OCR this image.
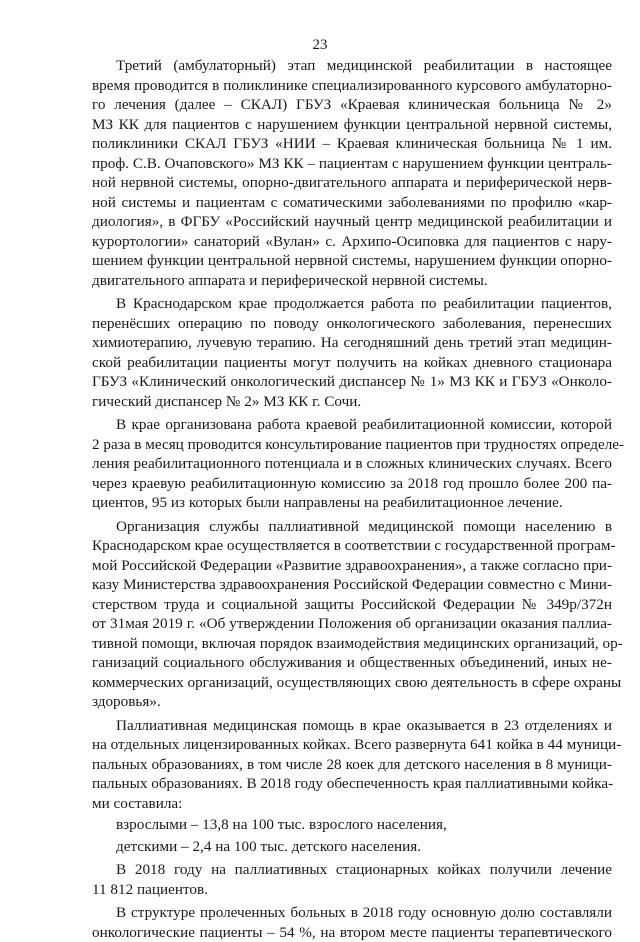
23
Третий (амбулаторный) этап медицинской реабилитации в настоящее
время проводится в поликлинике специализированного курсового амбулаторно-
го лечения (далее – СКАЛ) ГБУЗ «Краевая клиническая больница № 2»
МЗ КК для пациентов с нарушением функции центральной нервной системы,
поликлиники СКАЛ ГБУЗ «НИИ – Краевая клиническая больница № 1 им.
проф. С.В. Очаповского» МЗ КК – пациентам с нарушением функции централь-
ной нервной системы, опорно-двигательного аппарата и периферической нерв-
ной системы и пациентам с соматическими заболеваниями по профилю «кар-
диология», в ФГБУ «Российский научный центр медицинской реабилитации и
курортологии» санаторий «Вулан» с. Архипо-Осиповка для пациентов с нару-
шением функции центральной нервной системы, нарушением функции опорно-
двигательного аппарата и периферической нервной системы.
В Краснодарском крае продолжается работа по реабилитации пациентов,
перенёсших операцию по поводу онкологического заболевания, перенесших
химиотерапию, лучевую терапию. На сегодняшний день третий этап медицин-
ской реабилитации пациенты могут получить на койках дневного стационара
ГБУЗ «Клинический онкологический диспансер № 1» МЗ КК и ГБУЗ «Онколо-
гический диспансер № 2» МЗ КК г. Сочи.
В крае организована работа краевой реабилитационной комиссии, которой
2 раза в месяц проводится консультирование пациентов при трудностях определе-
ления реабилитационного потенциала и в сложных клинических случаях. Всего
через краевую реабилитационную комиссию за 2018 год прошло более 200 па-
циентов, 95 из которых были направлены на реабилитационное лечение.
Организация службы паллиативной медицинской помощи населению в
Краснодарском крае осуществляется в соответствии с государственной програм-
мой Российской Федерации «Развитие здравоохранения», а также согласно при-
казу Министерства здравоохранения Российской Федерации совместно с Мини-
стерством труда и социальной защиты Российской Федерации № 349р/372н
от 31мая 2019 г. «Об утверждении Положения об организации оказания паллиа-
тивной помощи, включая порядок взаимодействия медицинских организаций, ор-
ганизаций социального обслуживания и общественных объединений, иных не-
коммерческих организаций, осуществляющих свою деятельность в сфере охраны
здоровья».
Паллиативная медицинская помощь в крае оказывается в 23 отделениях и
на отдельных лицензированных койках. Всего развернута 641 койка в 44 муници-
пальных образованиях, в том числе 28 коек для детского населения в 8 муници-
пальных образованиях. В 2018 году обеспеченность края паллиативными койка-
ми составила:
взрослыми – 13,8 на 100 тыс. взрослого населения,
детскими – 2,4 на 100 тыс. детского населения.
В 2018 году на паллиативных стационарных койках получили лечение
11 812 пациентов.
В структуре пролеченных больных в 2018 году основную долю составляли
онкологические пациенты – 54 %, на втором месте пациенты терапевтического
